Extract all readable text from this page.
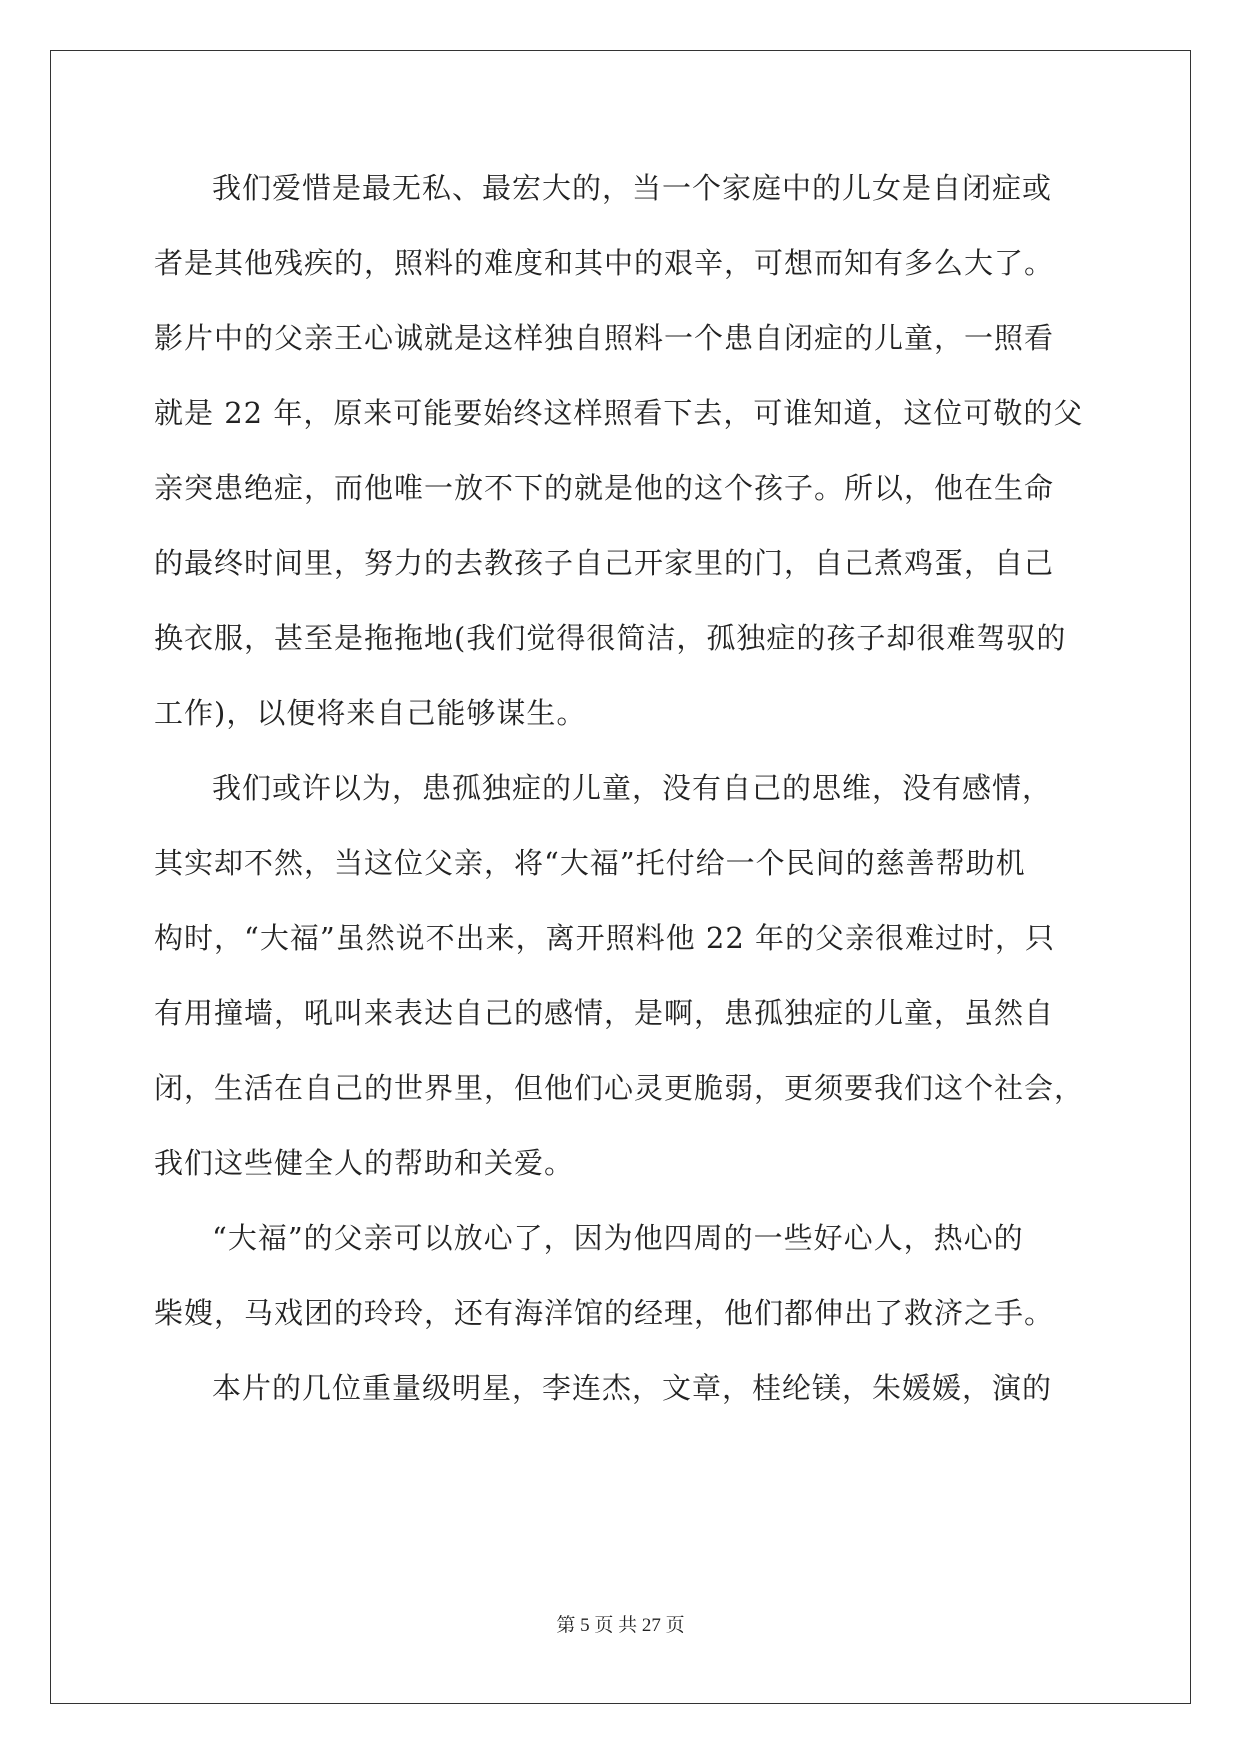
我们爱惜是最无私、最宏大的，当一个家庭中的儿女是自闭症或
者是其他残疾的，照料的难度和其中的艰辛，可想而知有多么大了。
影片中的父亲王心诚就是这样独自照料一个患自闭症的儿童，一照看
就是 22 年，原来可能要始终这样照看下去，可谁知道，这位可敬的父
亲突患绝症，而他唯一放不下的就是他的这个孩子。所以，他在生命
的最终时间里，努力的去教孩子自己开家里的门，自己煮鸡蛋，自己
换衣服，甚至是拖拖地(我们觉得很简洁，孤独症的孩子却很难驾驭的
工作)，以便将来自己能够谋生。
我们或许以为，患孤独症的儿童，没有自己的思维，没有感情，
其实却不然，当这位父亲，将“大福”托付给一个民间的慈善帮助机
构时，“大福”虽然说不出来，离开照料他 22 年的父亲很难过时，只
有用撞墙，吼叫来表达自己的感情，是啊，患孤独症的儿童，虽然自
闭，生活在自己的世界里，但他们心灵更脆弱，更须要我们这个社会，
我们这些健全人的帮助和关爱。
“大福”的父亲可以放心了，因为他四周的一些好心人，热心的
柴嫂，马戏团的玲玲，还有海洋馆的经理，他们都伸出了救济之手。
本片的几位重量级明星，李连杰，文章，桂纶镁，朱媛媛，演的
第 5 页 共 27 页
